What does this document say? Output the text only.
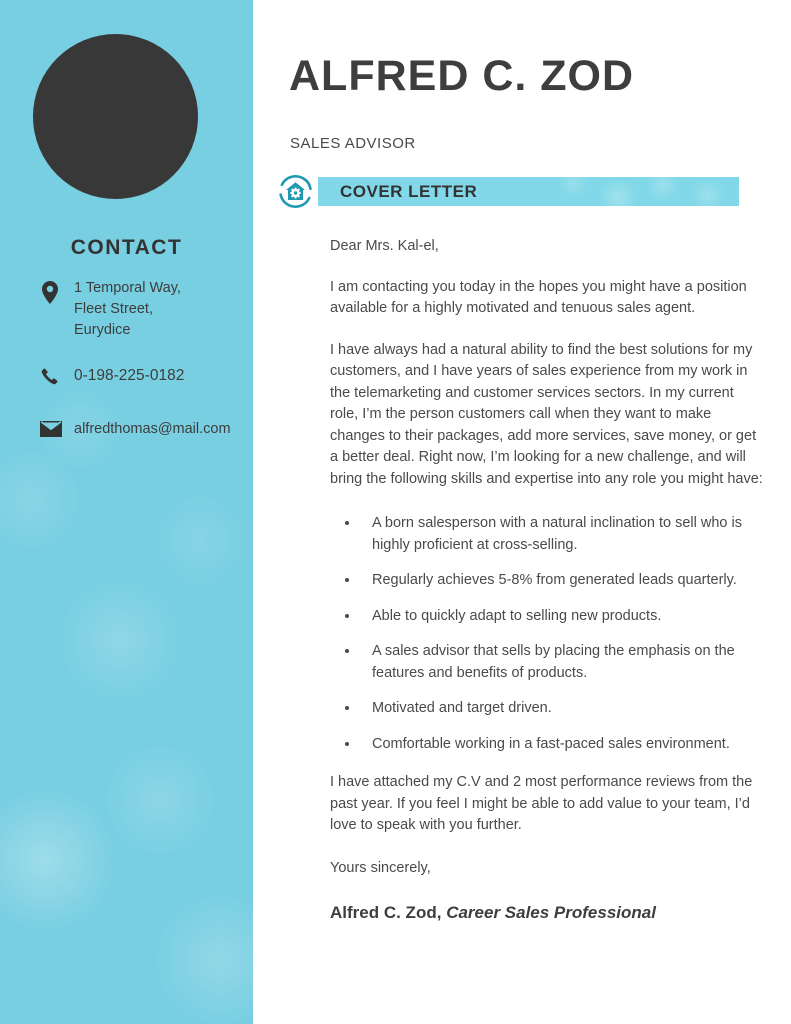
CONTACT
1 Temporal Way,
Fleet Street,
Eurydice
0-198-225-0182
alfredthomas@mail.com
ALFRED C. ZOD
SALES ADVISOR
COVER LETTER

Dear Mrs. Kal-el,

I am contacting you today in the hopes you might have a position available for a highly motivated and tenuous sales agent.

I have always had a natural ability to find the best solutions for my customers, and I have years of sales experience from my work in the telemarketing and customer services sectors. In my current role, I’m the person customers call when they want to make changes to their packages, add more services, save money, or get a better deal. Right now, I’m looking for a new challenge, and will bring the following skills and expertise into any role you might have:

• A born salesperson with a natural inclination to sell who is highly proficient at cross-selling.
• Regularly achieves 5-8% from generated leads quarterly.
• Able to quickly adapt to selling new products.
• A sales advisor that sells by placing the emphasis on the features and benefits of products.
• Motivated and target driven.
• Comfortable working in a fast-paced sales environment.

I have attached my C.V and 2 most performance reviews from the past year. If you feel I might be able to add value to your team, I’d love to speak with you further.

Yours sincerely,

Alfred C. Zod, Career Sales Professional
